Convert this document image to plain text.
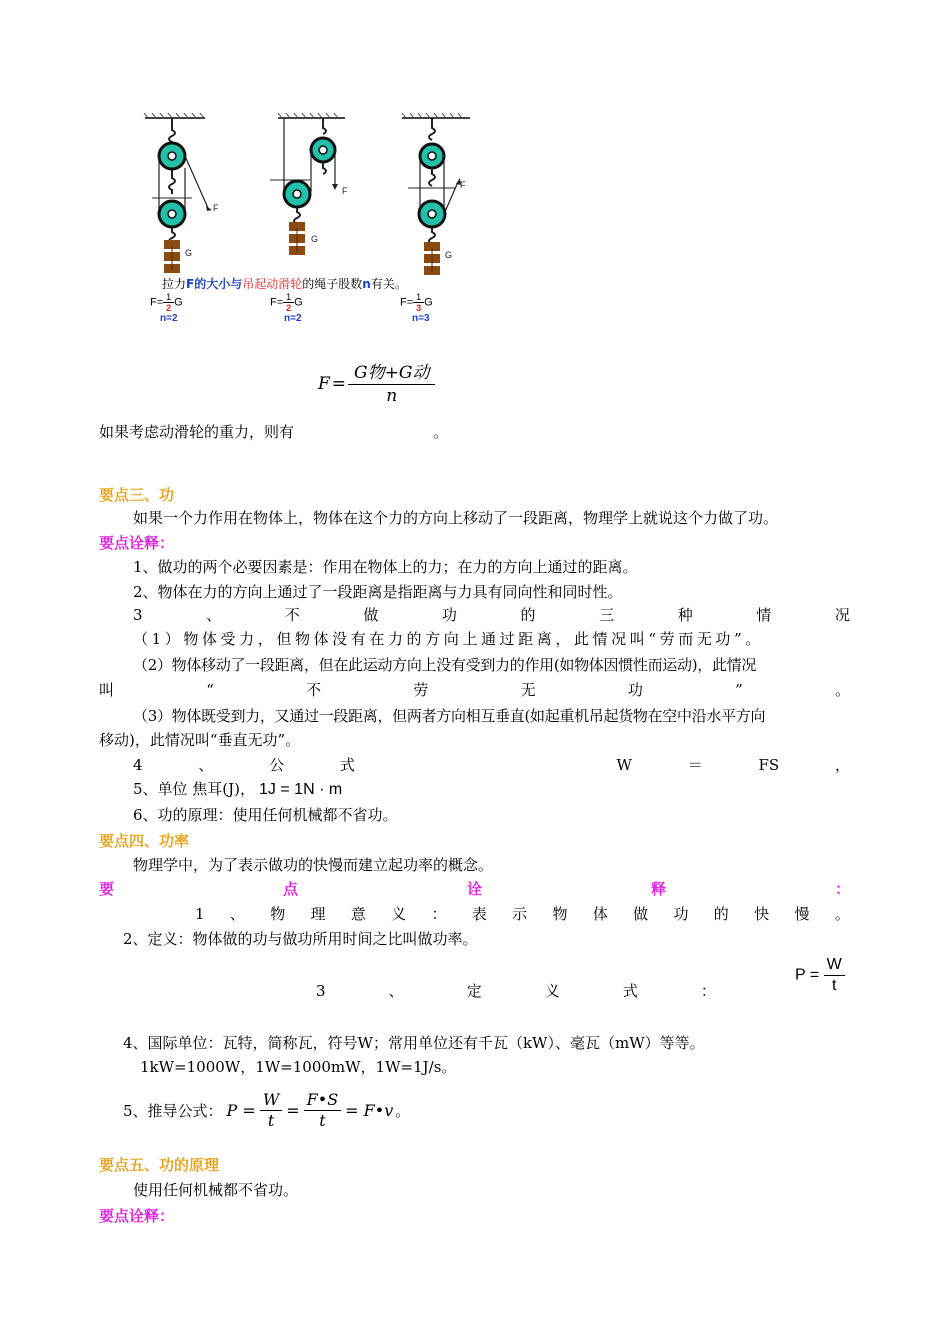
F
G
F
G
F
G
拉力F的大小与吊起动滑轮的绳子股数n有关。
$F= \frac{1}{2}$ G
n=2
$F= \frac{1}{2}$ G
n=2
$F= \frac{1}{3}$ G
n=3
$F = \frac{\text{G物+G动}}{n}$
如果考虑动滑轮的重力，则有	。
要点三、功
如果一个力作用在物体上，物体在这个力的方向上移动了一段距离，物理学上就说这个力做了功。
要点诠释：
1、做功的两个必要因素是：作用在物体上的力；在力的方向上通过的距离。
2、物体在力的方向上通过了一段距离是指距离与力具有同向性和同时性。
3	、	不	做	功	的	三	种	情	况
（1）物体受力，但物体没有在力的方向上通过距离，此情况叫“劳而无功”。
（2）物体移动了一段距离，但在此运动方向上没有受到力的作用(如物体因惯性而运动)，此情况
叫	“	不	劳	无	功	”	。
（3）物体既受到力，又通过一段距离，但两者方向相互垂直(如起重机吊起货物在空中沿水平方向
移动)，此情况叫“垂直无功”。
4	、	公	式	W	＝	FS	，
5、单位 焦耳(J)， 1J = 1N · m
6、功的原理：使用任何机械都不省功。
要点四、功率
物理学中，为了表示做功的快慢而建立起功率的概念。
要	点	诠	释	：
1 、 物 理 意 义 ： 表 示 物 体 做 功 的 快 慢 。
2、定义：物体做的功与做功所用时间之比叫做功率。
3	、	定	义	式	：
$P = \frac{W}{t}$
4、国际单位：瓦特，简称瓦，符号W；常用单位还有千瓦（kW）、毫瓦（mW）等等。
1kW=1000W，1W=1000mW，1W=1J/s。
5、推导公式： $P = \frac{W}{t} = \frac{F•S}{t}$ = F•v 。
要点五、功的原理
使用任何机械都不省功。
要点诠释：
